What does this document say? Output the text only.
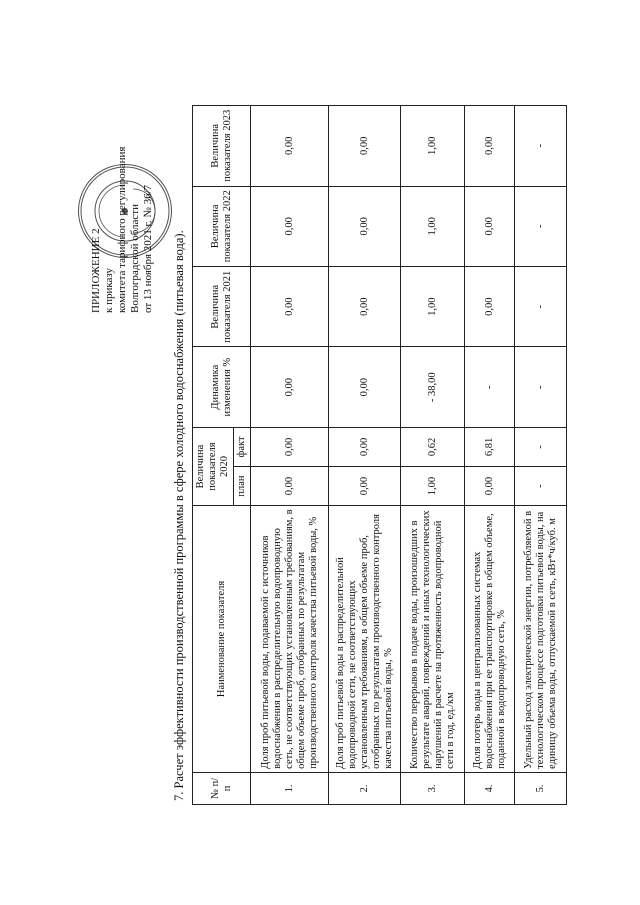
ПРИЛОЖЕНИЕ 2 к приказу комитета тарифного регулирования Волгоградской области от 13 ноября 2021 г. № 36/7 7. Расчет эффективности производственной программы в сфере холодного водоснабжения (питьевая вода). № п/п	Наименование показателя	Величина показателя 2020		Динамика изменения %	Величина показателя 2021	Величина показателя 2022	Величина показателя 2023
		план	факт				
1.	Доля проб питьевой воды, подаваемой с источников водоснабжения в распределительную водопроводную сеть, не соответствующих установленным требованиям, в общем объеме проб, отобранных по результатам производственного контроля качества питьевой воды, %	0,00	0,00	0,00	0,00	0,00	0,00
2.	Доля проб питьевой воды в распределительной водопроводной сети, не соответствующих установленным требованиям, в общем объеме проб, отобранных по результатам производственного контроля качества питьевой воды, %	0,00	0,00	0,00	0,00	0,00	0,00
3.	Количество перерывов в подаче воды, произошедших в результате аварий, повреждений и иных технологических нарушений в расчете на протяженность водопроводной сети в год, ед./км	1,00	0,62	- 38,00	1,00	1,00	1,00
4.	Доля потерь воды в централизованных системах водоснабжения при ее транспортировке в общем объеме, поданной в водопроводную сеть, %	0,00	6,81	-	0,00	0,00	0,00
5.	Удельный расход электрической энергии, потребляемой в технологическом процессе подготовки питьевой воды, на единицу объема воды, отпускаемой в сеть, кВт*ч/куб. м	-	-	-	-	-	-
